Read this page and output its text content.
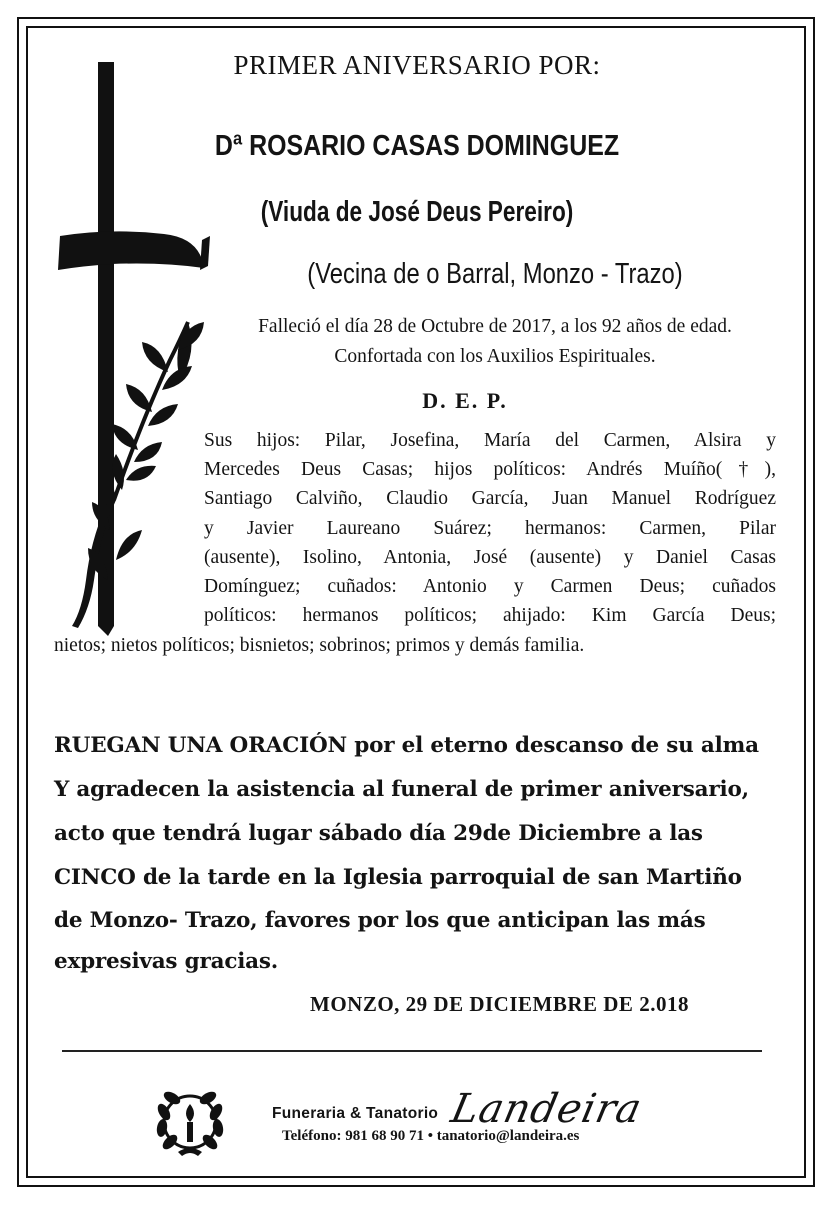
PRIMER ANIVERSARIO POR:

Dª ROSARIO CASAS DOMINGUEZ

(Viuda de José Deus Pereiro)

(Vecina de o Barral, Monzo - Trazo)

Falleció el día 28 de Octubre de 2017, a los 92 años de edad. Confortada con los Auxilios Espirituales.

D. E. P.

Sus hijos: Pilar, Josefina, María del Carmen, Alsira y
Mercedes Deus Casas; hijos políticos: Andrés Muíño(†),
Santiago Calviño, Claudio García, Juan Manuel Rodríguez
y Javier Laureano Suárez; hermanos: Carmen, Pilar
(ausente), Isolino, Antonia, José (ausente) y Daniel Casas
Domínguez; cuñados: Antonio y Carmen Deus; cuñados
políticos: hermanos políticos; ahijado: Kim García Deus;
nietos; nietos políticos; bisnietos; sobrinos; primos y demás familia.
RUEGAN UNA ORACIÓN por el eterno descanso de su alma
Y agradecen la asistencia al funeral de primer aniversario,
acto que tendrá lugar sábado día 29de Diciembre a las
CINCO de la tarde en la Iglesia parroquial de san Martiño
de Monzo- Trazo, favores por los que anticipan las más
expresivas gracias.

MONZO, 29 DE DICIEMBRE DE 2.018

Funeraria & Tanatorio Landeira
Teléfono: 981 68 90 71 • tanatorio@landeira.es
